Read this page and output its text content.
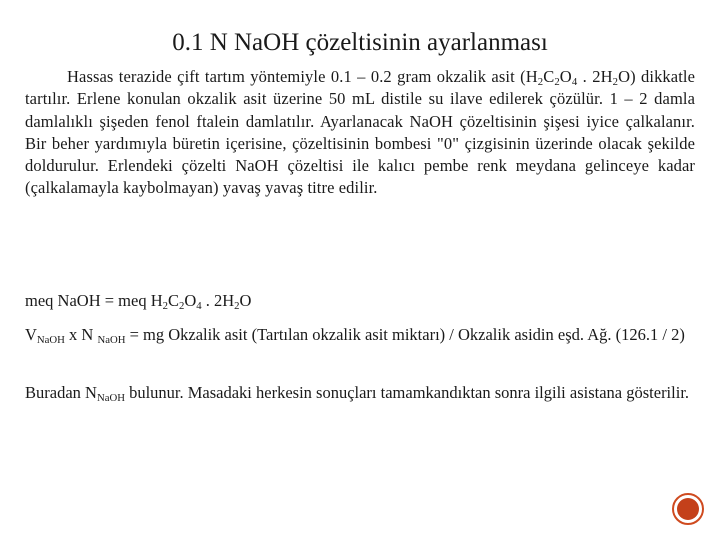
0.1 N NaOH çözeltisinin ayarlanması
Hassas terazide çift tartım yöntemiyle 0.1 – 0.2 gram okzalik asit ($H_2C_2O_4$ . $2H_2O$) dikkatle tartılır. Erlene konulan okzalik asit üzerine 50 mL distile su ilave edilerek çözülür. 1 – 2 damla damlalıklı şişeden fenol ftalein damlatılır. Ayarlanacak NaOH çözeltisinin şişesi iyice çalkalanır. Bir beher yardımıyla büretin içerisine, çözeltisinin bombesi "0" çizgisinin üzerinde olacak şekilde doldurulur. Erlendeki çözelti NaOH çözeltisi ile kalıcı pembe renk meydana gelinceye kadar (çalkalamayla kaybolmayan) yavaş yavaş titre edilir.
meq NaOH = meq $H_2C_2O_4$ . $2H_2O$
$V_{NaOH}$ x N $_{NaOH}$ = mg Okzalik asit (Tartılan okzalik asit miktarı) / Okzalik asidin eşd. Ağ. (126.1 / 2)
Buradan $N_{NaOH}$ bulunur. Masadaki herkesin sonuçları tamamkandıktan sonra ilgili asistana gösterilir.
